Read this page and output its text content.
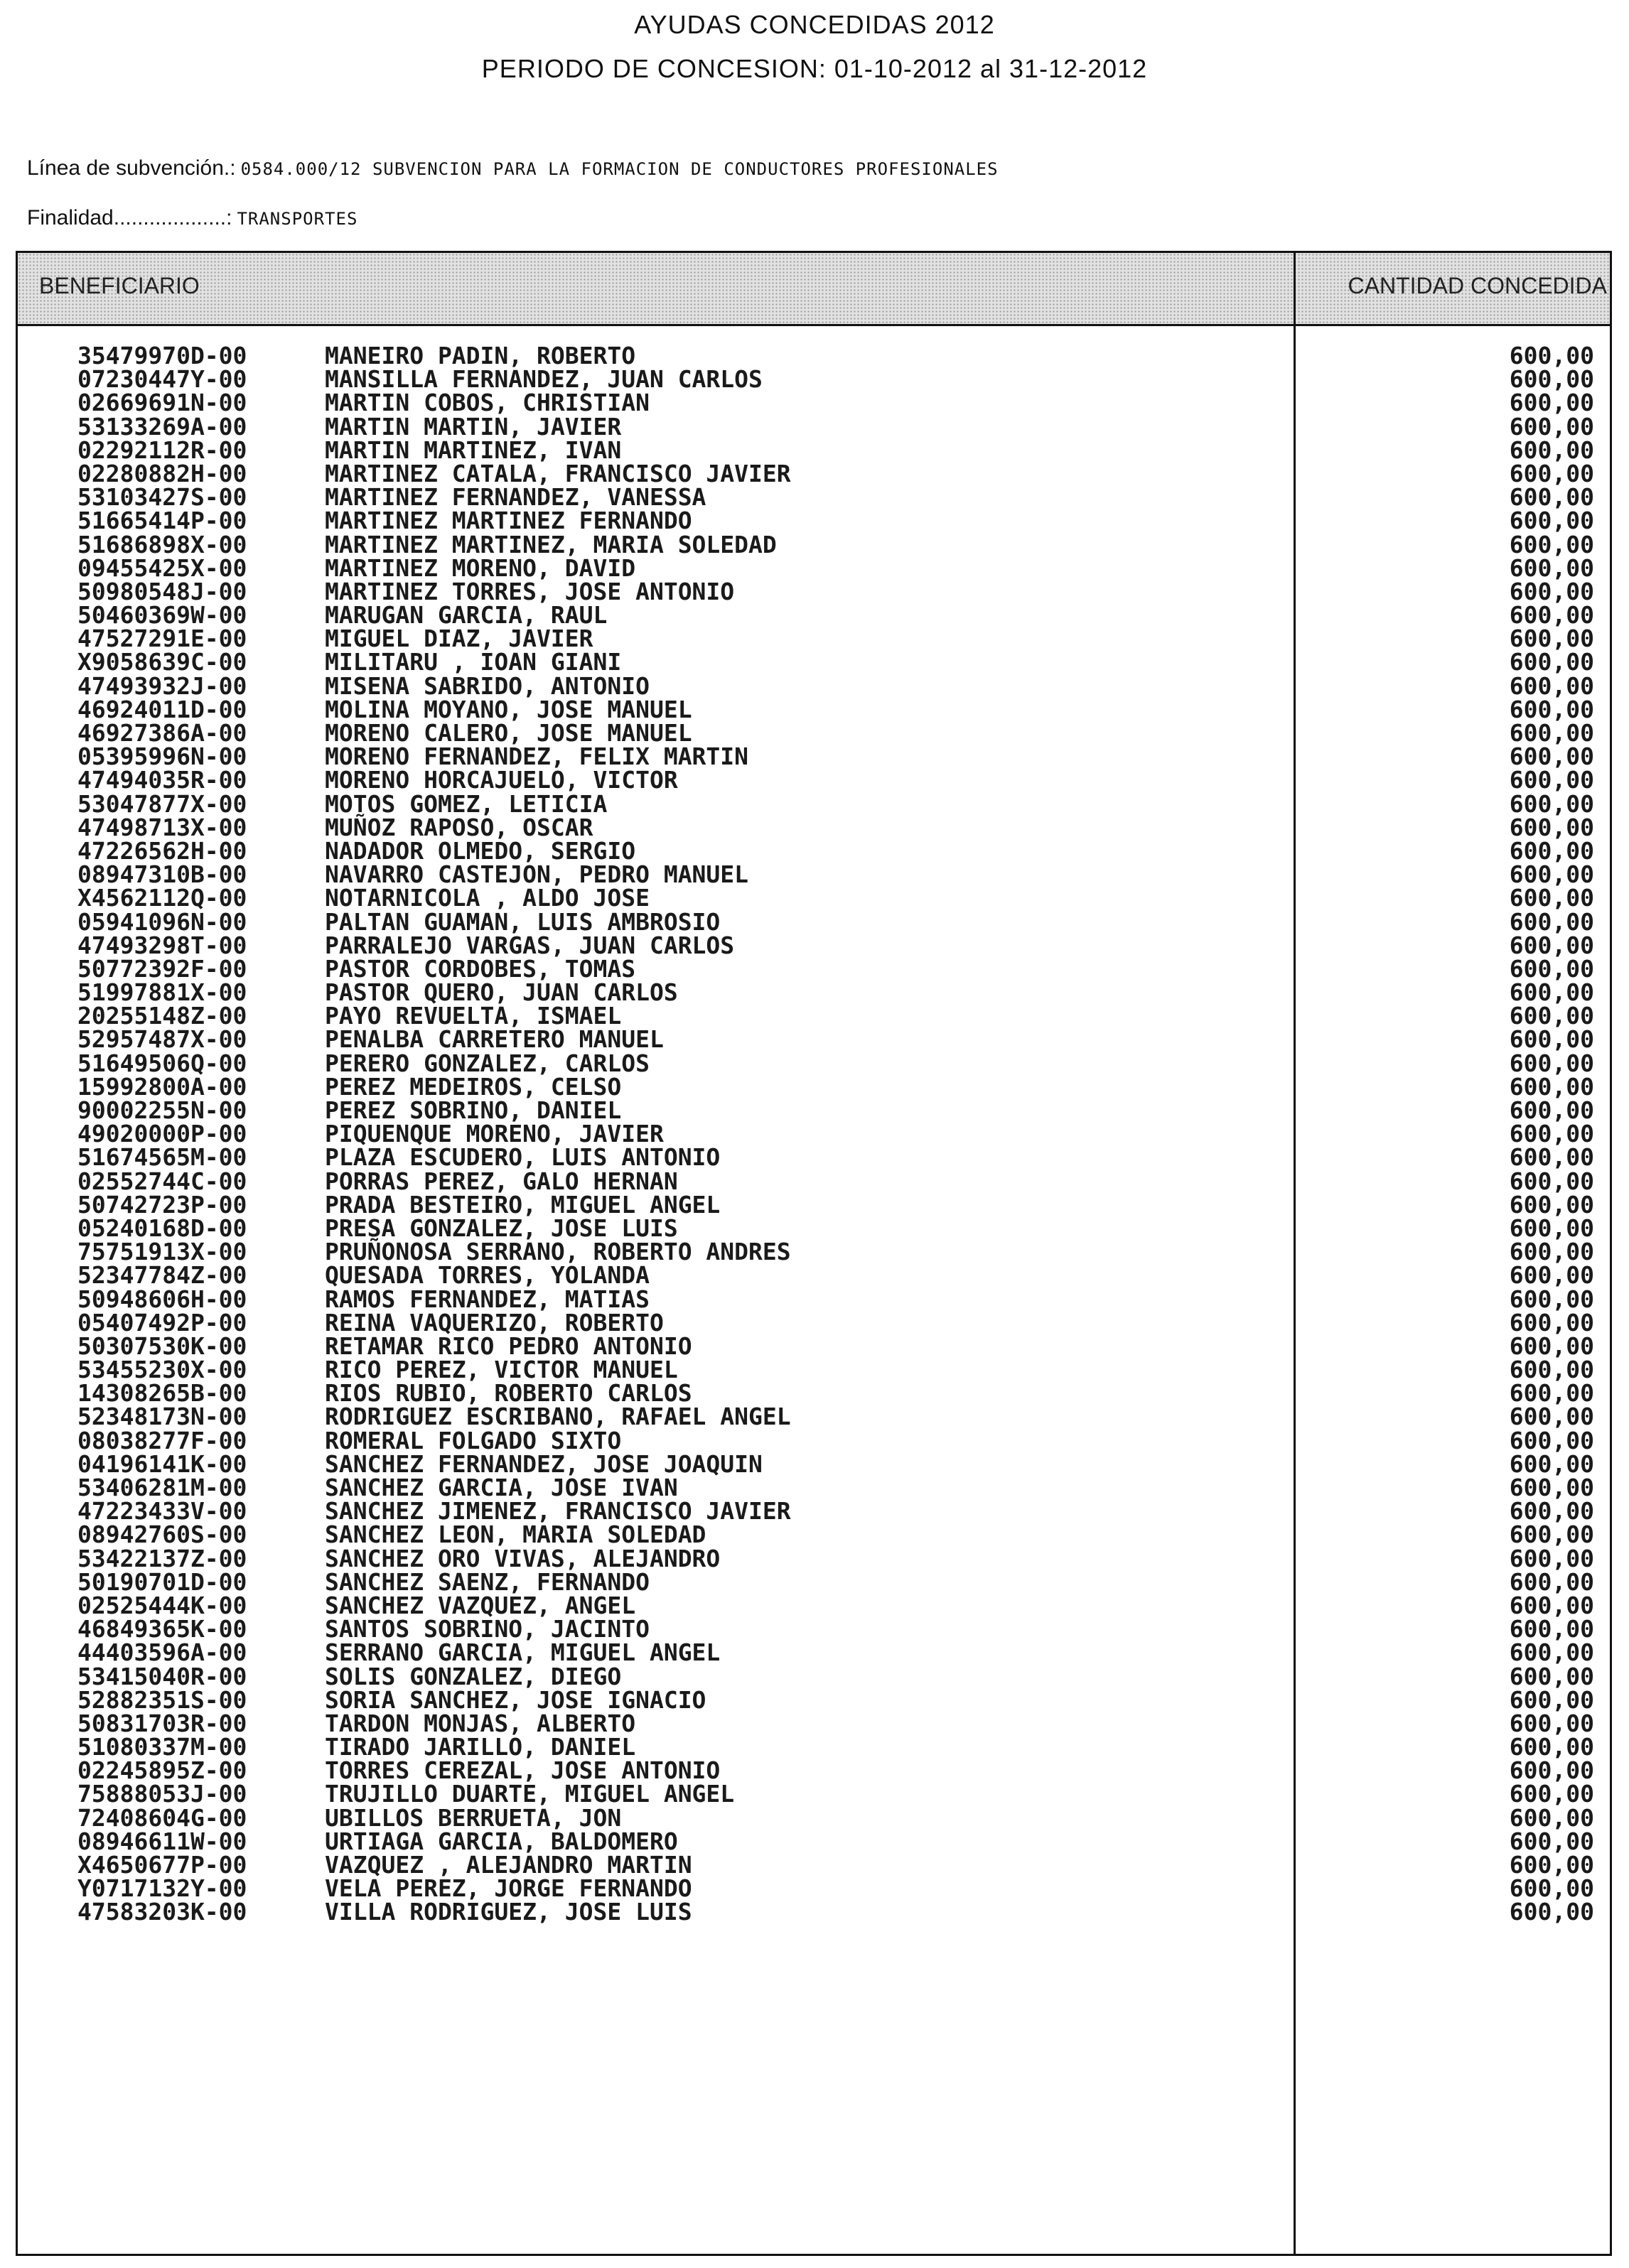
AYUDAS CONCEDIDAS 2012
PERIODO DE CONCESION: 01-10-2012 al 31-12-2012
Línea de subvención.: 0584.000/12 SUBVENCION PARA LA FORMACION DE CONDUCTORES PROFESIONALES
Finalidad...................: TRANSPORTES
BENEFICIARIO	CANTIDAD CONCEDIDA
35479970D-00	MANEIRO PADIN, ROBERTO	600,00
07230447Y-00	MANSILLA FERNANDEZ, JUAN CARLOS	600,00
02669691N-00	MARTIN COBOS, CHRISTIAN	600,00
53133269A-00	MARTIN MARTIN, JAVIER	600,00
02292112R-00	MARTIN MARTINEZ, IVAN	600,00
02280882H-00	MARTINEZ CATALA, FRANCISCO JAVIER	600,00
53103427S-00	MARTINEZ FERNANDEZ, VANESSA	600,00
51665414P-00	MARTINEZ MARTINEZ FERNANDO	600,00
51686898X-00	MARTINEZ MARTINEZ, MARIA SOLEDAD	600,00
09455425X-00	MARTINEZ MORENO, DAVID	600,00
50980548J-00	MARTINEZ TORRES, JOSE ANTONIO	600,00
50460369W-00	MARUGAN GARCIA, RAUL	600,00
47527291E-00	MIGUEL DIAZ, JAVIER	600,00
X9058639C-00	MILITARU , IOAN GIANI	600,00
47493932J-00	MISENA SABRIDO, ANTONIO	600,00
46924011D-00	MOLINA MOYANO, JOSE MANUEL	600,00
46927386A-00	MORENO CALERO, JOSE MANUEL	600,00
05395996N-00	MORENO FERNANDEZ, FELIX MARTIN	600,00
47494035R-00	MORENO HORCAJUELO, VICTOR	600,00
53047877X-00	MOTOS GOMEZ, LETICIA	600,00
47498713X-00	MUÑOZ RAPOSO, OSCAR	600,00
47226562H-00	NADADOR OLMEDO, SERGIO	600,00
08947310B-00	NAVARRO CASTEJON, PEDRO MANUEL	600,00
X4562112Q-00	NOTARNICOLA , ALDO JOSE	600,00
05941096N-00	PALTAN GUAMAN, LUIS AMBROSIO	600,00
47493298T-00	PARRALEJO VARGAS, JUAN CARLOS	600,00
50772392F-00	PASTOR CORDOBES, TOMAS	600,00
51997881X-00	PASTOR QUERO, JUAN CARLOS	600,00
20255148Z-00	PAYO REVUELTA, ISMAEL	600,00
52957487X-00	PENALBA CARRETERO MANUEL	600,00
51649506Q-00	PERERO GONZALEZ, CARLOS	600,00
15992800A-00	PEREZ MEDEIROS, CELSO	600,00
90002255N-00	PEREZ SOBRINO, DANIEL	600,00
49020000P-00	PIQUENQUE MORENO, JAVIER	600,00
51674565M-00	PLAZA ESCUDERO, LUIS ANTONIO	600,00
02552744C-00	PORRAS PEREZ, GALO HERNAN	600,00
50742723P-00	PRADA BESTEIRO, MIGUEL ANGEL	600,00
05240168D-00	PRESA GONZALEZ, JOSE LUIS	600,00
75751913X-00	PRUÑONOSA SERRANO, ROBERTO ANDRES	600,00
52347784Z-00	QUESADA TORRES, YOLANDA	600,00
50948606H-00	RAMOS FERNANDEZ, MATIAS	600,00
05407492P-00	REINA VAQUERIZO, ROBERTO	600,00
50307530K-00	RETAMAR RICO PEDRO ANTONIO	600,00
53455230X-00	RICO PEREZ, VICTOR MANUEL	600,00
14308265B-00	RIOS RUBIO, ROBERTO CARLOS	600,00
52348173N-00	RODRIGUEZ ESCRIBANO, RAFAEL ANGEL	600,00
08038277F-00	ROMERAL FOLGADO SIXTO	600,00
04196141K-00	SANCHEZ FERNANDEZ, JOSE JOAQUIN	600,00
53406281M-00	SANCHEZ GARCIA, JOSE IVAN	600,00
47223433V-00	SANCHEZ JIMENEZ, FRANCISCO JAVIER	600,00
08942760S-00	SANCHEZ LEON, MARIA SOLEDAD	600,00
53422137Z-00	SANCHEZ ORO VIVAS, ALEJANDRO	600,00
50190701D-00	SANCHEZ SAENZ, FERNANDO	600,00
02525444K-00	SANCHEZ VAZQUEZ, ANGEL	600,00
46849365K-00	SANTOS SOBRINO, JACINTO	600,00
44403596A-00	SERRANO GARCIA, MIGUEL ANGEL	600,00
53415040R-00	SOLIS GONZALEZ, DIEGO	600,00
52882351S-00	SORIA SANCHEZ, JOSE IGNACIO	600,00
50831703R-00	TARDON MONJAS, ALBERTO	600,00
51080337M-00	TIRADO JARILLO, DANIEL	600,00
02245895Z-00	TORRES CEREZAL, JOSE ANTONIO	600,00
75888053J-00	TRUJILLO DUARTE, MIGUEL ANGEL	600,00
72408604G-00	UBILLOS BERRUETA, JON	600,00
08946611W-00	URTIAGA GARCIA, BALDOMERO	600,00
X4650677P-00	VAZQUEZ , ALEJANDRO MARTIN	600,00
Y0717132Y-00	VELA PEREZ, JORGE FERNANDO	600,00
47583203K-00	VILLA RODRIGUEZ, JOSE LUIS	600,00
